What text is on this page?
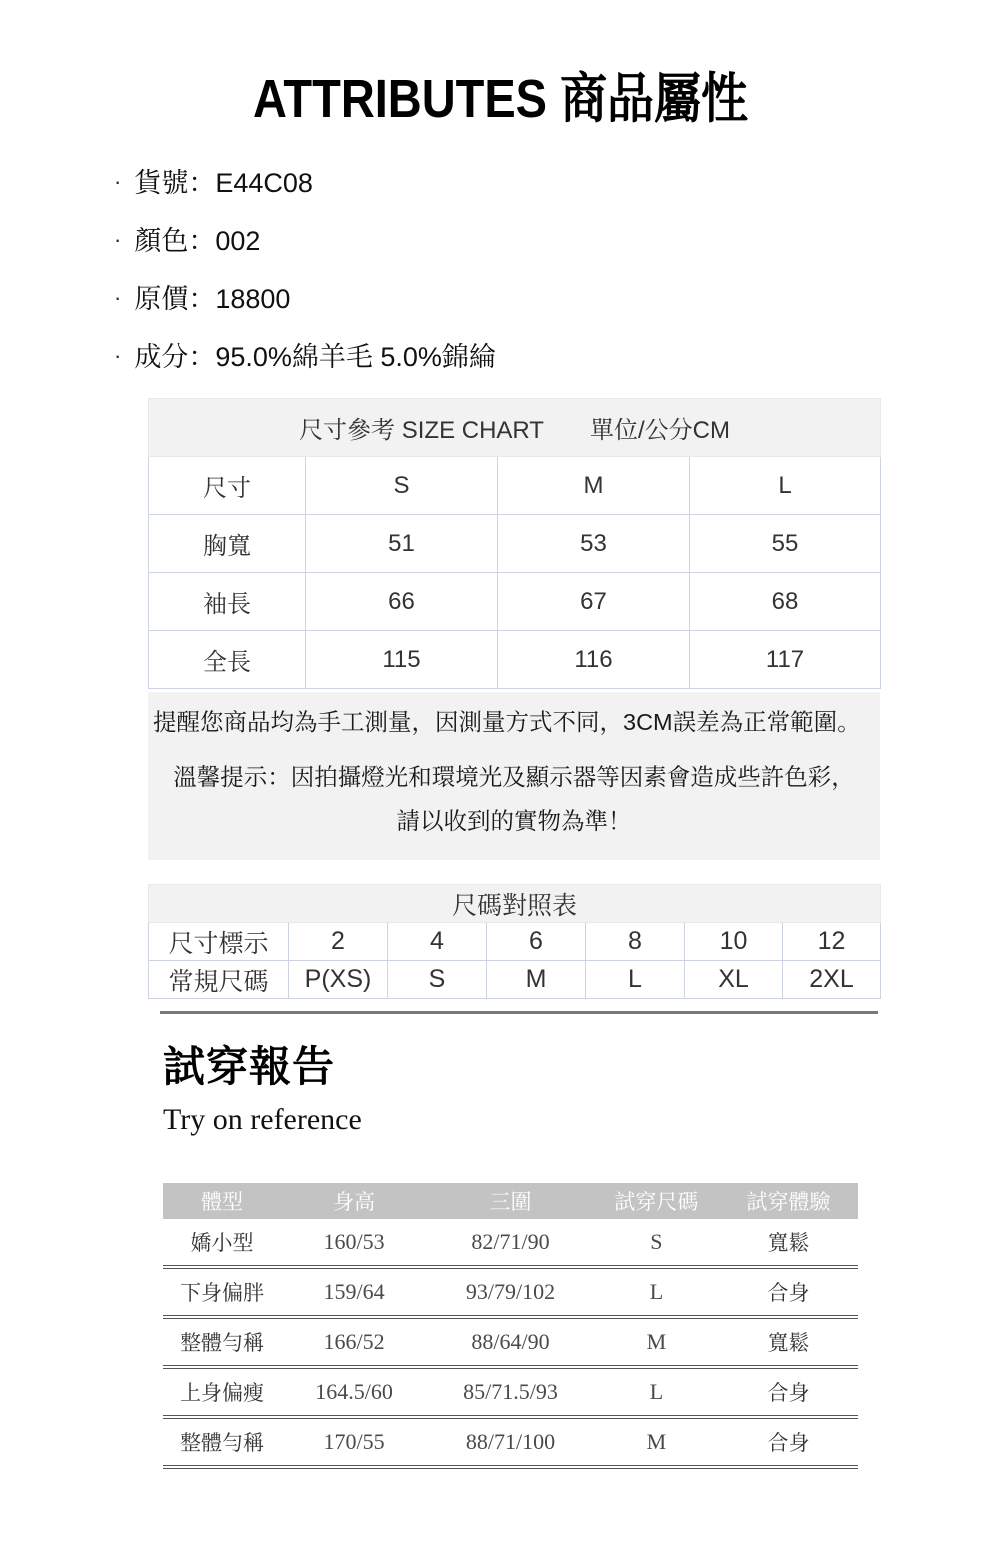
ATTRIBUTES 商品屬性
· 貨號：E44C08
· 顏色：002
· 原價：18800
· 成分：95.0%綿羊毛 5.0%錦綸
尺寸參考 SIZE CHART 單位/公分CM			
尺寸	S	M	L
胸寬	51	53	55
袖長	66	67	68
全長	115	116	117

提醒您商品均為手工測量，因測量方式不同，3CM誤差為正常範圍。

溫馨提示：因拍攝燈光和環境光及顯示器等因素會造成些許色彩，

請以收到的實物為準！

尺碼對照表						
尺寸標示	2	4	6	8	10	12
常規尺碼	P(XS)	S	M	L	XL	2XL
試穿報告

Try on reference

體型	身高	三圍	試穿尺碼	試穿體驗
嬌小型	160/53	82/71/90	S	寬鬆
下身偏胖	159/64	93/79/102	L	合身
整體勻稱	166/52	88/64/90	M	寬鬆
上身偏瘦	164.5/60	85/71.5/93	L	合身
整體勻稱	170/55	88/71/100	M	合身
